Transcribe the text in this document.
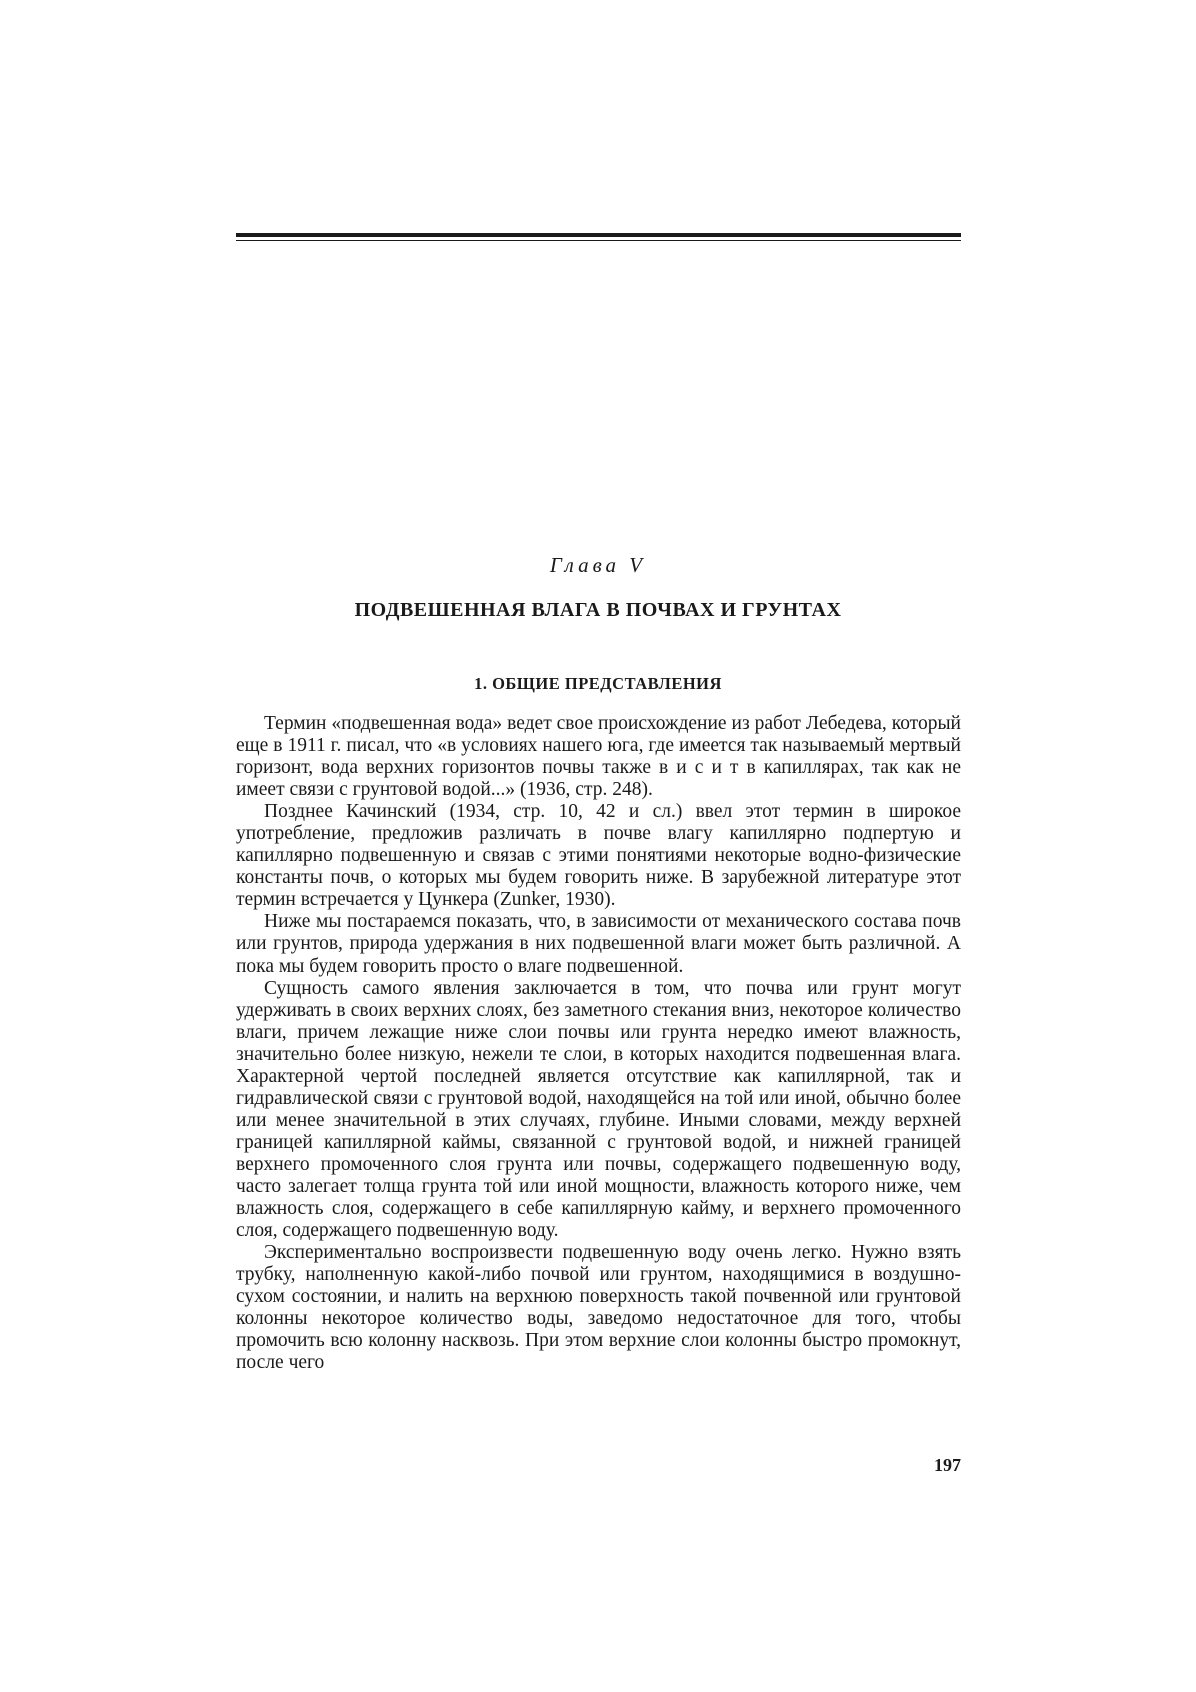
Глава V
ПОДВЕШЕННАЯ ВЛАГА В ПОЧВАХ И ГРУНТАХ
1. ОБЩИЕ ПРЕДСТАВЛЕНИЯ

Термин «подвешенная вода» ведет свое происхождение из работ Лебедева, который еще в 1911 г. писал, что «в условиях нашего юга, где имеется так называемый мертвый горизонт, вода верхних горизонтов почвы также в и с и т в капиллярах, так как не имеет связи с грунтовой водой...» (1936, стр. 248).

Позднее Качинский (1934, стр. 10, 42 и сл.) ввел этот термин в широкое употребление, предложив различать в почве влагу капиллярно подпертую и капиллярно подвешенную и связав с этими понятиями некоторые водно-физические константы почв, о которых мы будем говорить ниже. В зарубежной литературе этот термин встречается у Цункера (Zunker, 1930).

Ниже мы постараемся показать, что, в зависимости от механического состава почв или грунтов, природа удержания в них подвешенной влаги может быть различной. А пока мы будем говорить просто о влаге подвешенной.

Сущность самого явления заключается в том, что почва или грунт могут удерживать в своих верхних слоях, без заметного стекания вниз, некоторое количество влаги, причем лежащие ниже слои почвы или грунта нередко имеют влажность, значительно более низкую, нежели те слои, в которых находится подвешенная влага. Характерной чертой последней является отсутствие как капиллярной, так и гидравлической связи с грунтовой водой, находящейся на той или иной, обычно более или менее значительной в этих случаях, глубине. Иными словами, между верхней границей капиллярной каймы, связанной с грунтовой водой, и нижней границей верхнего промоченного слоя грунта или почвы, содержащего подвешенную воду, часто залегает толща грунта той или иной мощности, влажность которого ниже, чем влажность слоя, содержащего в себе капиллярную кайму, и верхнего промоченного слоя, содержащего подвешенную воду.

Экспериментально воспроизвести подвешенную воду очень легко. Нужно взять трубку, наполненную какой-либо почвой или грунтом, находящимися в воздушно-сухом состоянии, и налить на верхнюю поверхность такой почвенной или грунтовой колонны некоторое количество воды, заведомо недостаточное для того, чтобы промочить всю колонну насквозь. При этом верхние слои колонны быстро промокнут, после чего

197
